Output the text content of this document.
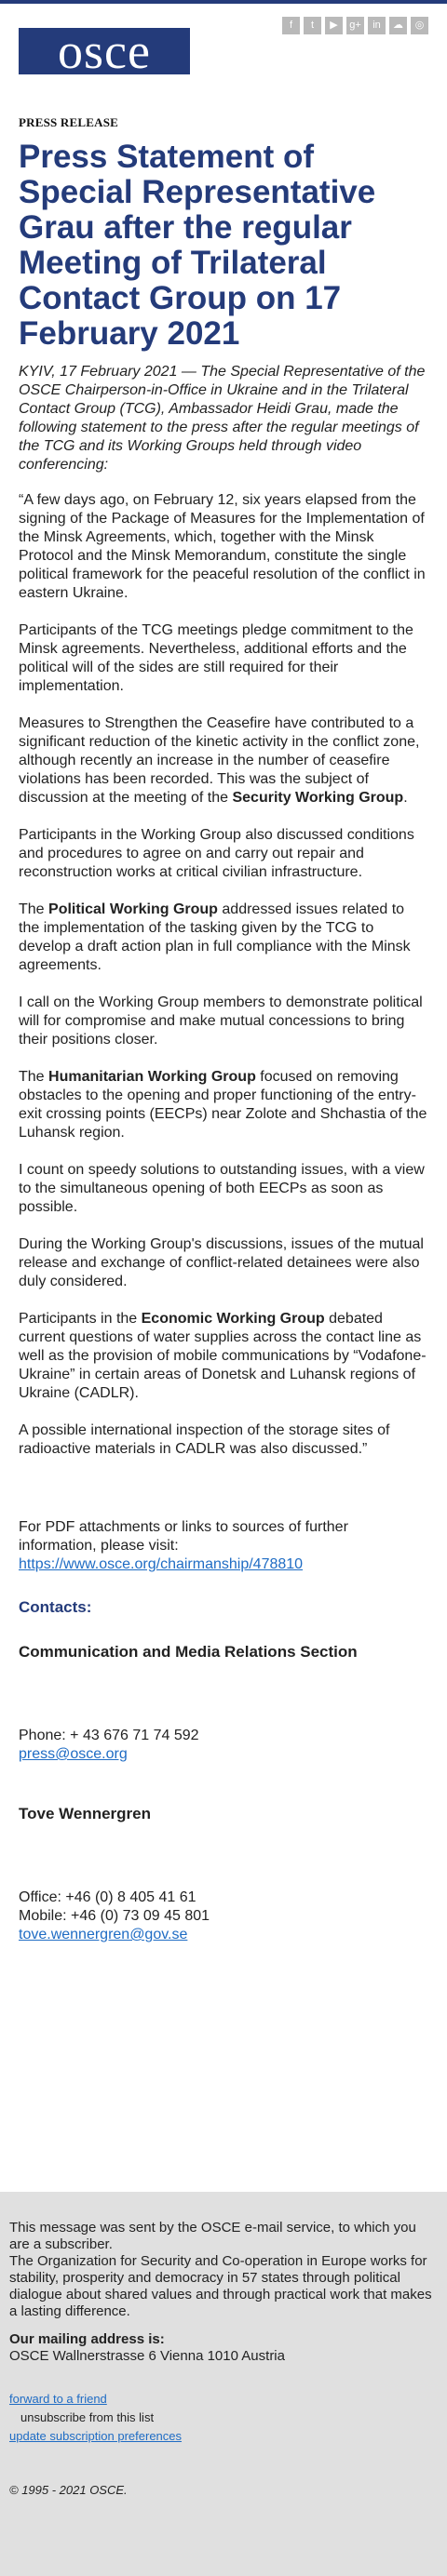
osce	f	t	▶	g+	in	☁	◎
PRESS RELEASE
Press Statement of Special Representative Grau after the regular Meeting of Trilateral Contact Group on 17 February 2021

KYIV, 17 February 2021 — The Special Representative of the OSCE Chairperson-in-Office in Ukraine and in the Trilateral Contact Group (TCG), Ambassador Heidi Grau, made the following statement to the press after the regular meetings of the TCG and its Working Groups held through video conferencing:

“A few days ago, on February 12, six years elapsed from the signing of the Package of Measures for the Implementation of the Minsk Agreements, which, together with the Minsk Protocol and the Minsk Memorandum, constitute the single political framework for the peaceful resolution of the conflict in eastern Ukraine.

Participants of the TCG meetings pledge commitment to the Minsk agreements. Nevertheless, additional efforts and the political will of the sides are still required for their implementation.

Measures to Strengthen the Ceasefire have contributed to a significant reduction of the kinetic activity in the conflict zone, although recently an increase in the number of ceasefire violations has been recorded. This was the subject of discussion at the meeting of the Security Working Group.

Participants in the Working Group also discussed conditions and procedures to agree on and carry out repair and reconstruction works at critical civilian infrastructure.

The Political Working Group addressed issues related to the implementation of the tasking given by the TCG to develop a draft action plan in full compliance with the Minsk agreements.

I call on the Working Group members to demonstrate political will for compromise and make mutual concessions to bring their positions closer.

The Humanitarian Working Group focused on removing obstacles to the opening and proper functioning of the entry-exit crossing points (EECPs) near Zolote and Shchastia of the Luhansk region.

I count on speedy solutions to outstanding issues, with a view to the simultaneous opening of both EECPs as soon as possible.

During the Working Group's discussions, issues of the mutual release and exchange of conflict-related detainees were also duly considered.

Participants in the Economic Working Group debated current questions of water supplies across the contact line as well as the provision of mobile communications by “Vodafone-Ukraine” in certain areas of Donetsk and Luhansk regions of Ukraine (CADLR).

A possible international inspection of the storage sites of radioactive materials in CADLR was also discussed.”

For PDF attachments or links to sources of further information, please visit:
https://www.osce.org/chairmanship/478810

Contacts:
Communication and Media Relations Section
Phone: + 43 676 71 74 592
press@osce.org
Tove Wennergren
Office: +46 (0) 8 405 41 61
Mobile: +46 (0) 73 09 45 801
tove.wennergren@gov.se

This message was sent by the OSCE e-mail service, to which you are a subscriber.

The Organization for Security and Co-operation in Europe works for stability, prosperity and democracy in 57 states through political dialogue about shared values and through practical work that makes a lasting difference.

Our mailing address is:

OSCE Wallnerstrasse 6 Vienna 1010 Austria

forward to a friend
unsubscribe from this list
update subscription preferences
© 1995 - 2021 OSCE.
